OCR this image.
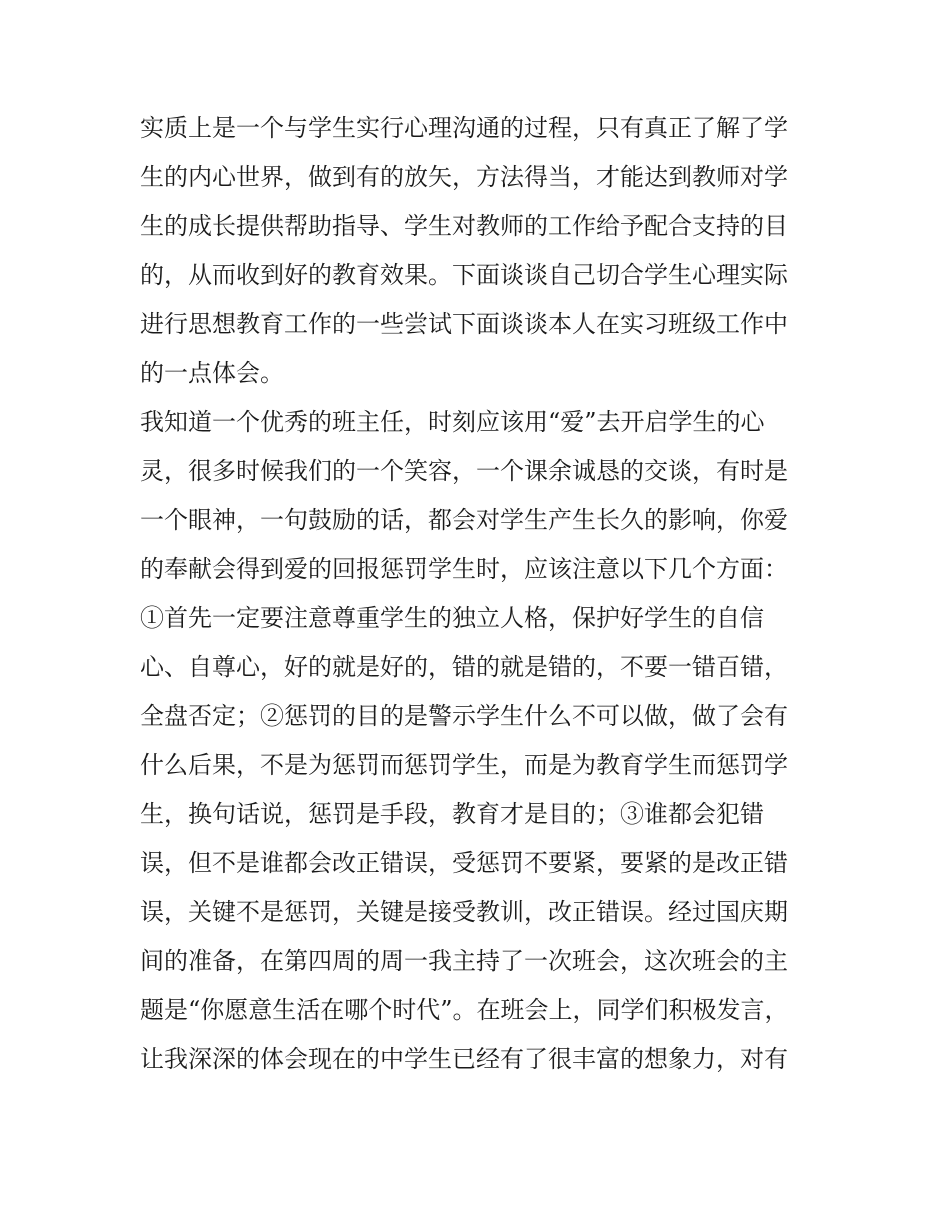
实质上是一个与学生实行心理沟通的过程，只有真正了解了学
生的内心世界，做到有的放矢，方法得当，才能达到教师对学
生的成长提供帮助指导、学生对教师的工作给予配合支持的目
的，从而收到好的教育效果。下面谈谈自己切合学生心理实际
进行思想教育工作的一些尝试下面谈谈本人在实习班级工作中
的一点体会。
我知道一个优秀的班主任，时刻应该用“爱”去开启学生的心
灵，很多时候我们的一个笑容，一个课余诚恳的交谈，有时是
一个眼神，一句鼓励的话，都会对学生产生长久的影响，你爱
的奉献会得到爱的回报惩罚学生时，应该注意以下几个方面：
①首先一定要注意尊重学生的独立人格，保护好学生的自信
心、自尊心，好的就是好的，错的就是错的，不要一错百错，
全盘否定；②惩罚的目的是警示学生什么不可以做，做了会有
什么后果，不是为惩罚而惩罚学生，而是为教育学生而惩罚学
生，换句话说，惩罚是手段，教育才是目的；③谁都会犯错
误，但不是谁都会改正错误，受惩罚不要紧，要紧的是改正错
误，关键不是惩罚，关键是接受教训，改正错误。经过国庆期
间的准备，在第四周的周一我主持了一次班会，这次班会的主
题是“你愿意生活在哪个时代”。在班会上，同学们积极发言，
让我深深的体会现在的中学生已经有了很丰富的想象力，对有
